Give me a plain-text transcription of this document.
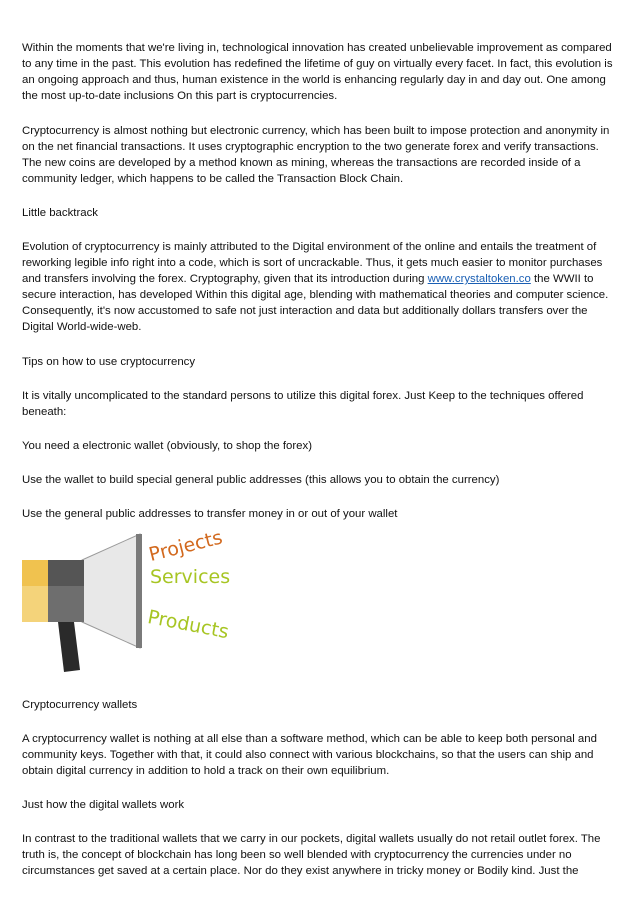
Within the moments that we're living in, technological innovation has created unbelievable improvement as compared to any time in the past. This evolution has redefined the lifetime of guy on virtually every facet. In fact, this evolution is an ongoing approach and thus, human existence in the world is enhancing regularly day in and day out. One among the most up-to-date inclusions On this part is cryptocurrencies.

Cryptocurrency is almost nothing but electronic currency, which has been built to impose protection and anonymity in on the net financial transactions. It uses cryptographic encryption to the two generate forex and verify transactions. The new coins are developed by a method known as mining, whereas the transactions are recorded inside of a community ledger, which happens to be called the Transaction Block Chain.

Little backtrack

Evolution of cryptocurrency is mainly attributed to the Digital environment of the online and entails the treatment of reworking legible info right into a code, which is sort of uncrackable. Thus, it gets much easier to monitor purchases and transfers involving the forex. Cryptography, given that its introduction during www.crystaltoken.co the WWII to secure interaction, has developed Within this digital age, blending with mathematical theories and computer science. Consequently, it's now accustomed to safe not just interaction and data but additionally dollars transfers over the Digital World-wide-web.

Tips on how to use cryptocurrency

It is vitally uncomplicated to the standard persons to utilize this digital forex. Just Keep to the techniques offered beneath:

You need a electronic wallet (obviously, to shop the forex)

Use the wallet to build special general public addresses (this allows you to obtain the currency)

Use the general public addresses to transfer money in or out of your wallet

Projects
Services
Products

Cryptocurrency wallets

A cryptocurrency wallet is nothing at all else than a software method, which can be able to keep both personal and community keys. Together with that, it could also connect with various blockchains, so that the users can ship and obtain digital currency in addition to hold a track on their own equilibrium.

Just how the digital wallets work

In contrast to the traditional wallets that we carry in our pockets, digital wallets usually do not retail outlet forex. The truth is, the concept of blockchain has long been so well blended with cryptocurrency the currencies under no circumstances get saved at a certain place. Nor do they exist anywhere in tricky money or Bodily kind. Just the
